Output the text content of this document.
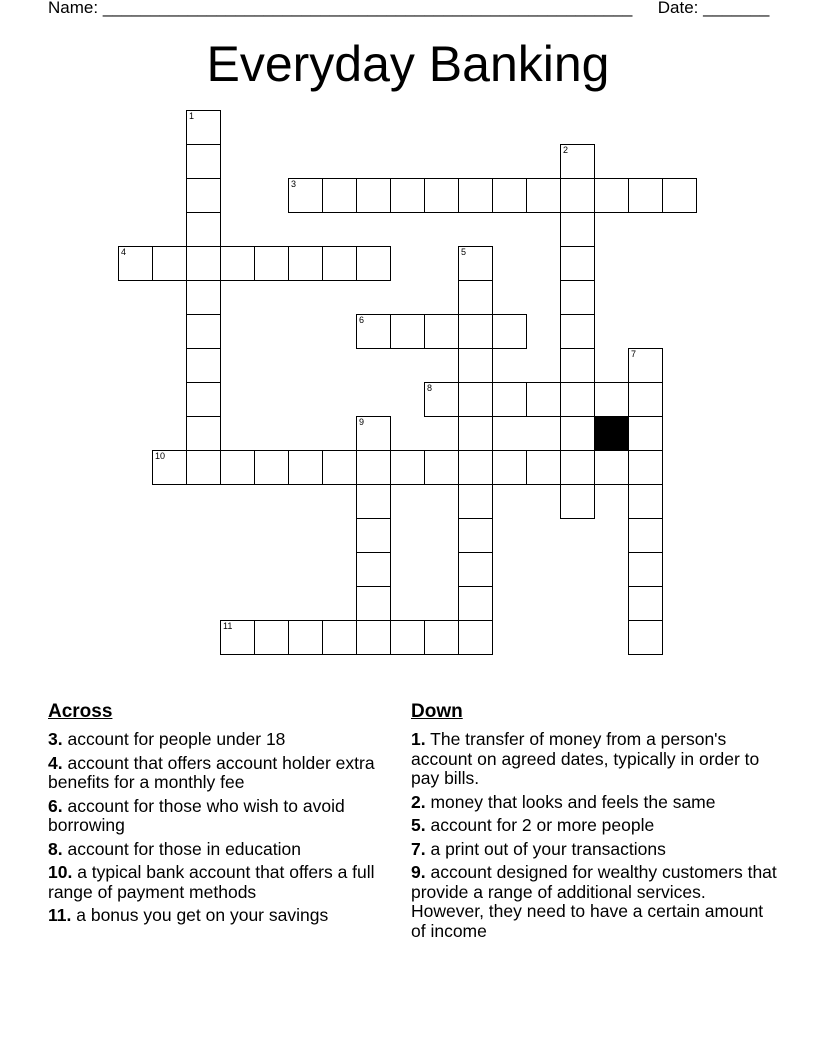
Name: ________________________________________________________ Date: _______
Everyday Banking
1
2
3
4	5
6
7
8
9
10
11
Across
3. account for people under 18
4. account that offers account holder extra benefits for a monthly fee
6. account for those who wish to avoid borrowing
8. account for those in education
10. a typical bank account that offers a full range of payment methods
11. a bonus you get on your savings
Down
1. The transfer of money from a person's account on agreed dates, typically in order to pay bills.
2. money that looks and feels the same
5. account for 2 or more people
7. a print out of your transactions
9. account designed for wealthy customers that provide a range of additional services. However, they need to have a certain amount of income
